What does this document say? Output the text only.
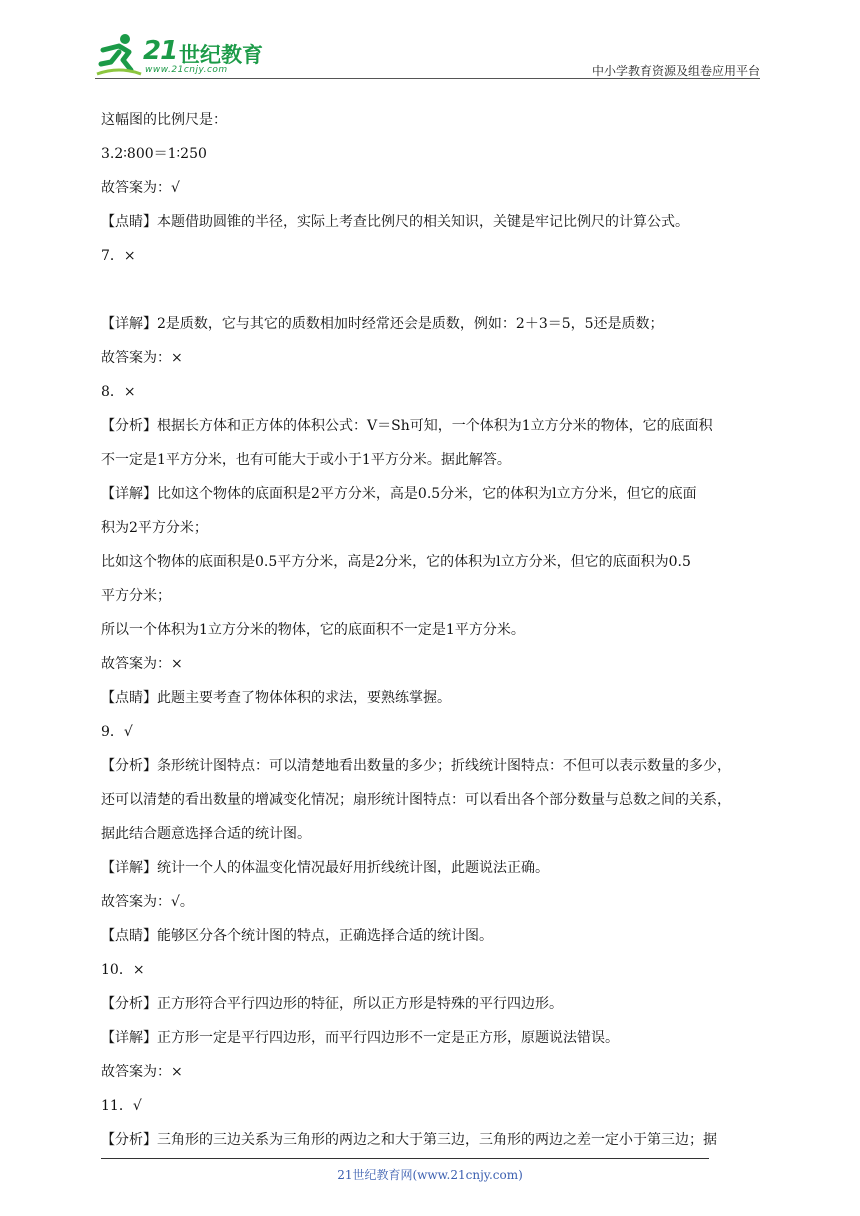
21 世纪教育
www.21cnjy.com	中小学教育资源及组卷应用平台
这幅图的比例尺是：
3.2∶800＝1∶250
故答案为：√
【点睛】本题借助圆锥的半径，实际上考查比例尺的相关知识，关键是牢记比例尺的计算公式。
7．×
【详解】2是质数，它与其它的质数相加时经常还会是质数，例如：2＋3＝5，5还是质数；
故答案为：×
8．×
【分析】根据长方体和正方体的体积公式：V＝Sh可知，一个体积为1立方分米的物体，它的底面积
不一定是1平方分米，也有可能大于或小于1平方分米。据此解答。
【详解】比如这个物体的底面积是2平方分米，高是0.5分米，它的体积为l立方分米，但它的底面
积为2平方分米；
比如这个物体的底面积是0.5平方分米，高是2分米，它的体积为l立方分米，但它的底面积为0.5
平方分米；
所以一个体积为1立方分米的物体，它的底面积不一定是1平方分米。
故答案为：×
【点睛】此题主要考查了物体体积的求法，要熟练掌握。
9．√
【分析】条形统计图特点：可以清楚地看出数量的多少；折线统计图特点：不但可以表示数量的多少，
还可以清楚的看出数量的增减变化情况；扇形统计图特点：可以看出各个部分数量与总数之间的关系，
据此结合题意选择合适的统计图。
【详解】统计一个人的体温变化情况最好用折线统计图，此题说法正确。
故答案为：√。
【点睛】能够区分各个统计图的特点，正确选择合适的统计图。
10．×
【分析】正方形符合平行四边形的特征，所以正方形是特殊的平行四边形。
【详解】正方形一定是平行四边形，而平行四边形不一定是正方形，原题说法错误。
故答案为：×
11．√
【分析】三角形的三边关系为三角形的两边之和大于第三边，三角形的两边之差一定小于第三边；据
21世纪教育网(www.21cnjy.com)
